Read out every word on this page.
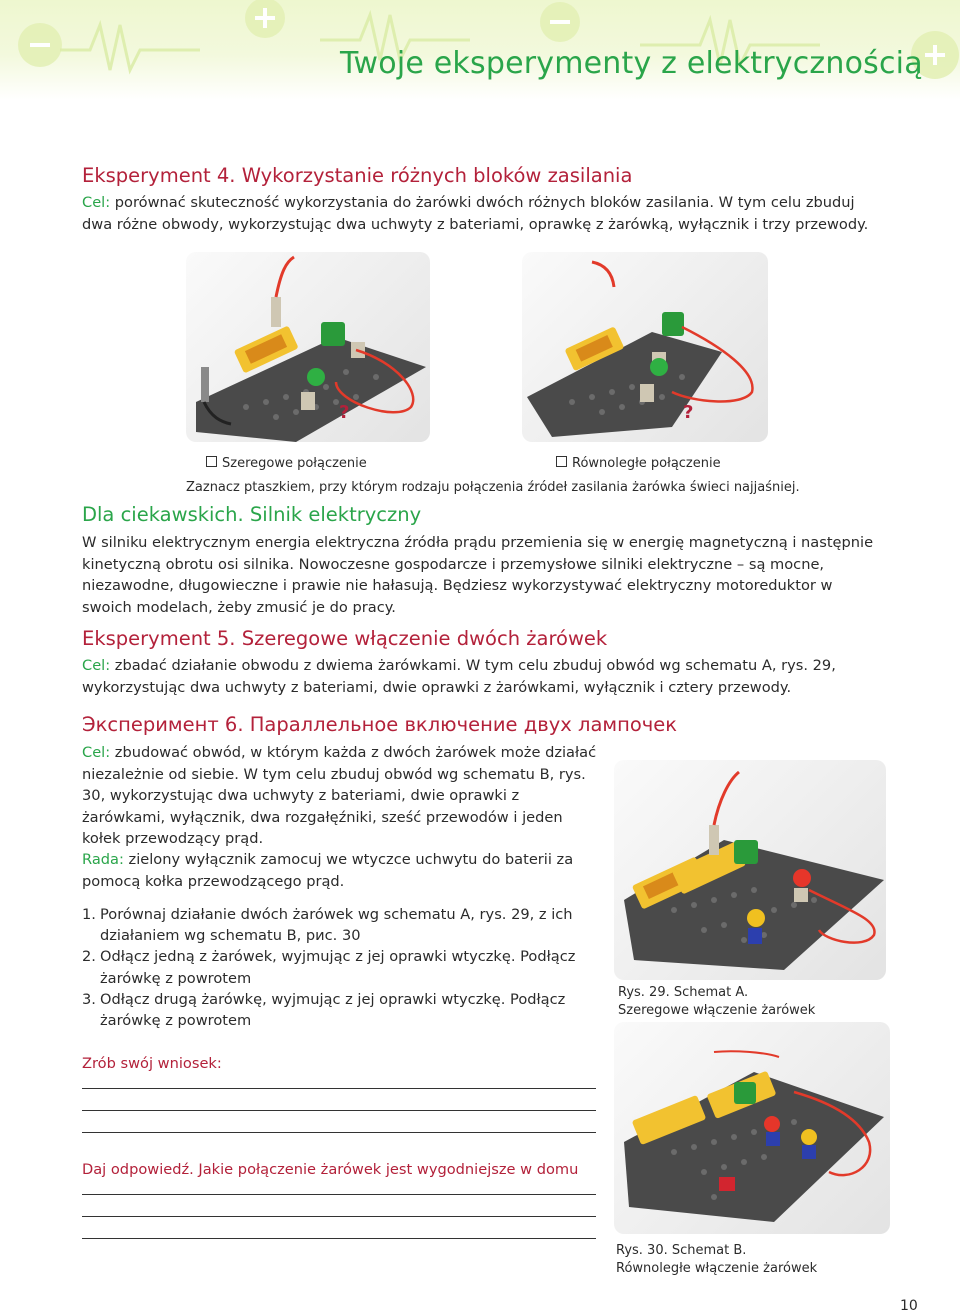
Twoje eksperymenty z elektrycznością
Eksperyment 4. Wykorzystanie różnych bloków zasilania
Cel: porównać skuteczność wykorzystania do żarówki dwóch różnych bloków zasilania. W tym celu zbuduj dwa różne obwody, wykorzystując dwa uchwyty z bateriami, oprawkę z żarówką, wyłącznik i trzy przewody.
?	?
Szeregowe połączenie	Równoległe połączenie
Zaznacz ptaszkiem, przy którym rodzaju połączenia źródeł zasilania żarówka świeci najjaśniej.
Dla ciekawskich. Silnik elektryczny
W silniku elektrycznym energia elektryczna źródła prądu przemienia się w energię magnetyczną i następnie kinetyczną obrotu osi silnika. Nowoczesne gospodarcze i przemysłowe silniki elektryczne – są mocne, niezawodne, długowieczne i prawie nie hałasują. Będziesz wykorzystywać elektryczny motoreduktor w swoich modelach, żeby zmusić je do pracy.
Eksperyment 5. Szeregowe włączenie dwóch żarówek
Cel: zbadać działanie obwodu z dwiema żarówkami. W tym celu zbuduj obwód wg schematu A, rys. 29, wykorzystując dwa uchwyty z bateriami, dwie oprawki z żarówkami, wyłącznik i cztery przewody.
Эксперимент 6. Параллельное включение двух лампочек
Cel: zbudować obwód, w którym każda z dwóch żarówek może działać niezależnie od siebie. W tym celu zbuduj obwód wg schematu B, rys. 30, wykorzystując dwa uchwyty z bateriami, dwie oprawki z żarówkami, wyłącznik, dwa rozgałęźniki, sześć przewodów i jeden kołek przewodzący prąd.
Rada: zielony wyłącznik zamocuj we wtyczce uchwytu do baterii za pomocą kołka przewodzącego prąd.
1. Porównaj działanie dwóch żarówek wg schematu A, rys. 29, z ich działaniem wg schematu B, рис. 30
2. Odłącz jedną z żarówek, wyjmując z jej oprawki wtyczkę. Podłącz żarówkę z powrotem
3. Odłącz drugą żarówkę, wyjmując z jej oprawki wtyczkę. Podłącz żarówkę z powrotem
Rys. 29. Schemat A.
Szeregowe włączenie żarówek
Rys. 30. Schemat B.
Równoległe włączenie żarówek
Zrób swój wniosek:
Daj odpowiedź. Jakie połączenie żarówek jest wygodniejsze w domu
10
